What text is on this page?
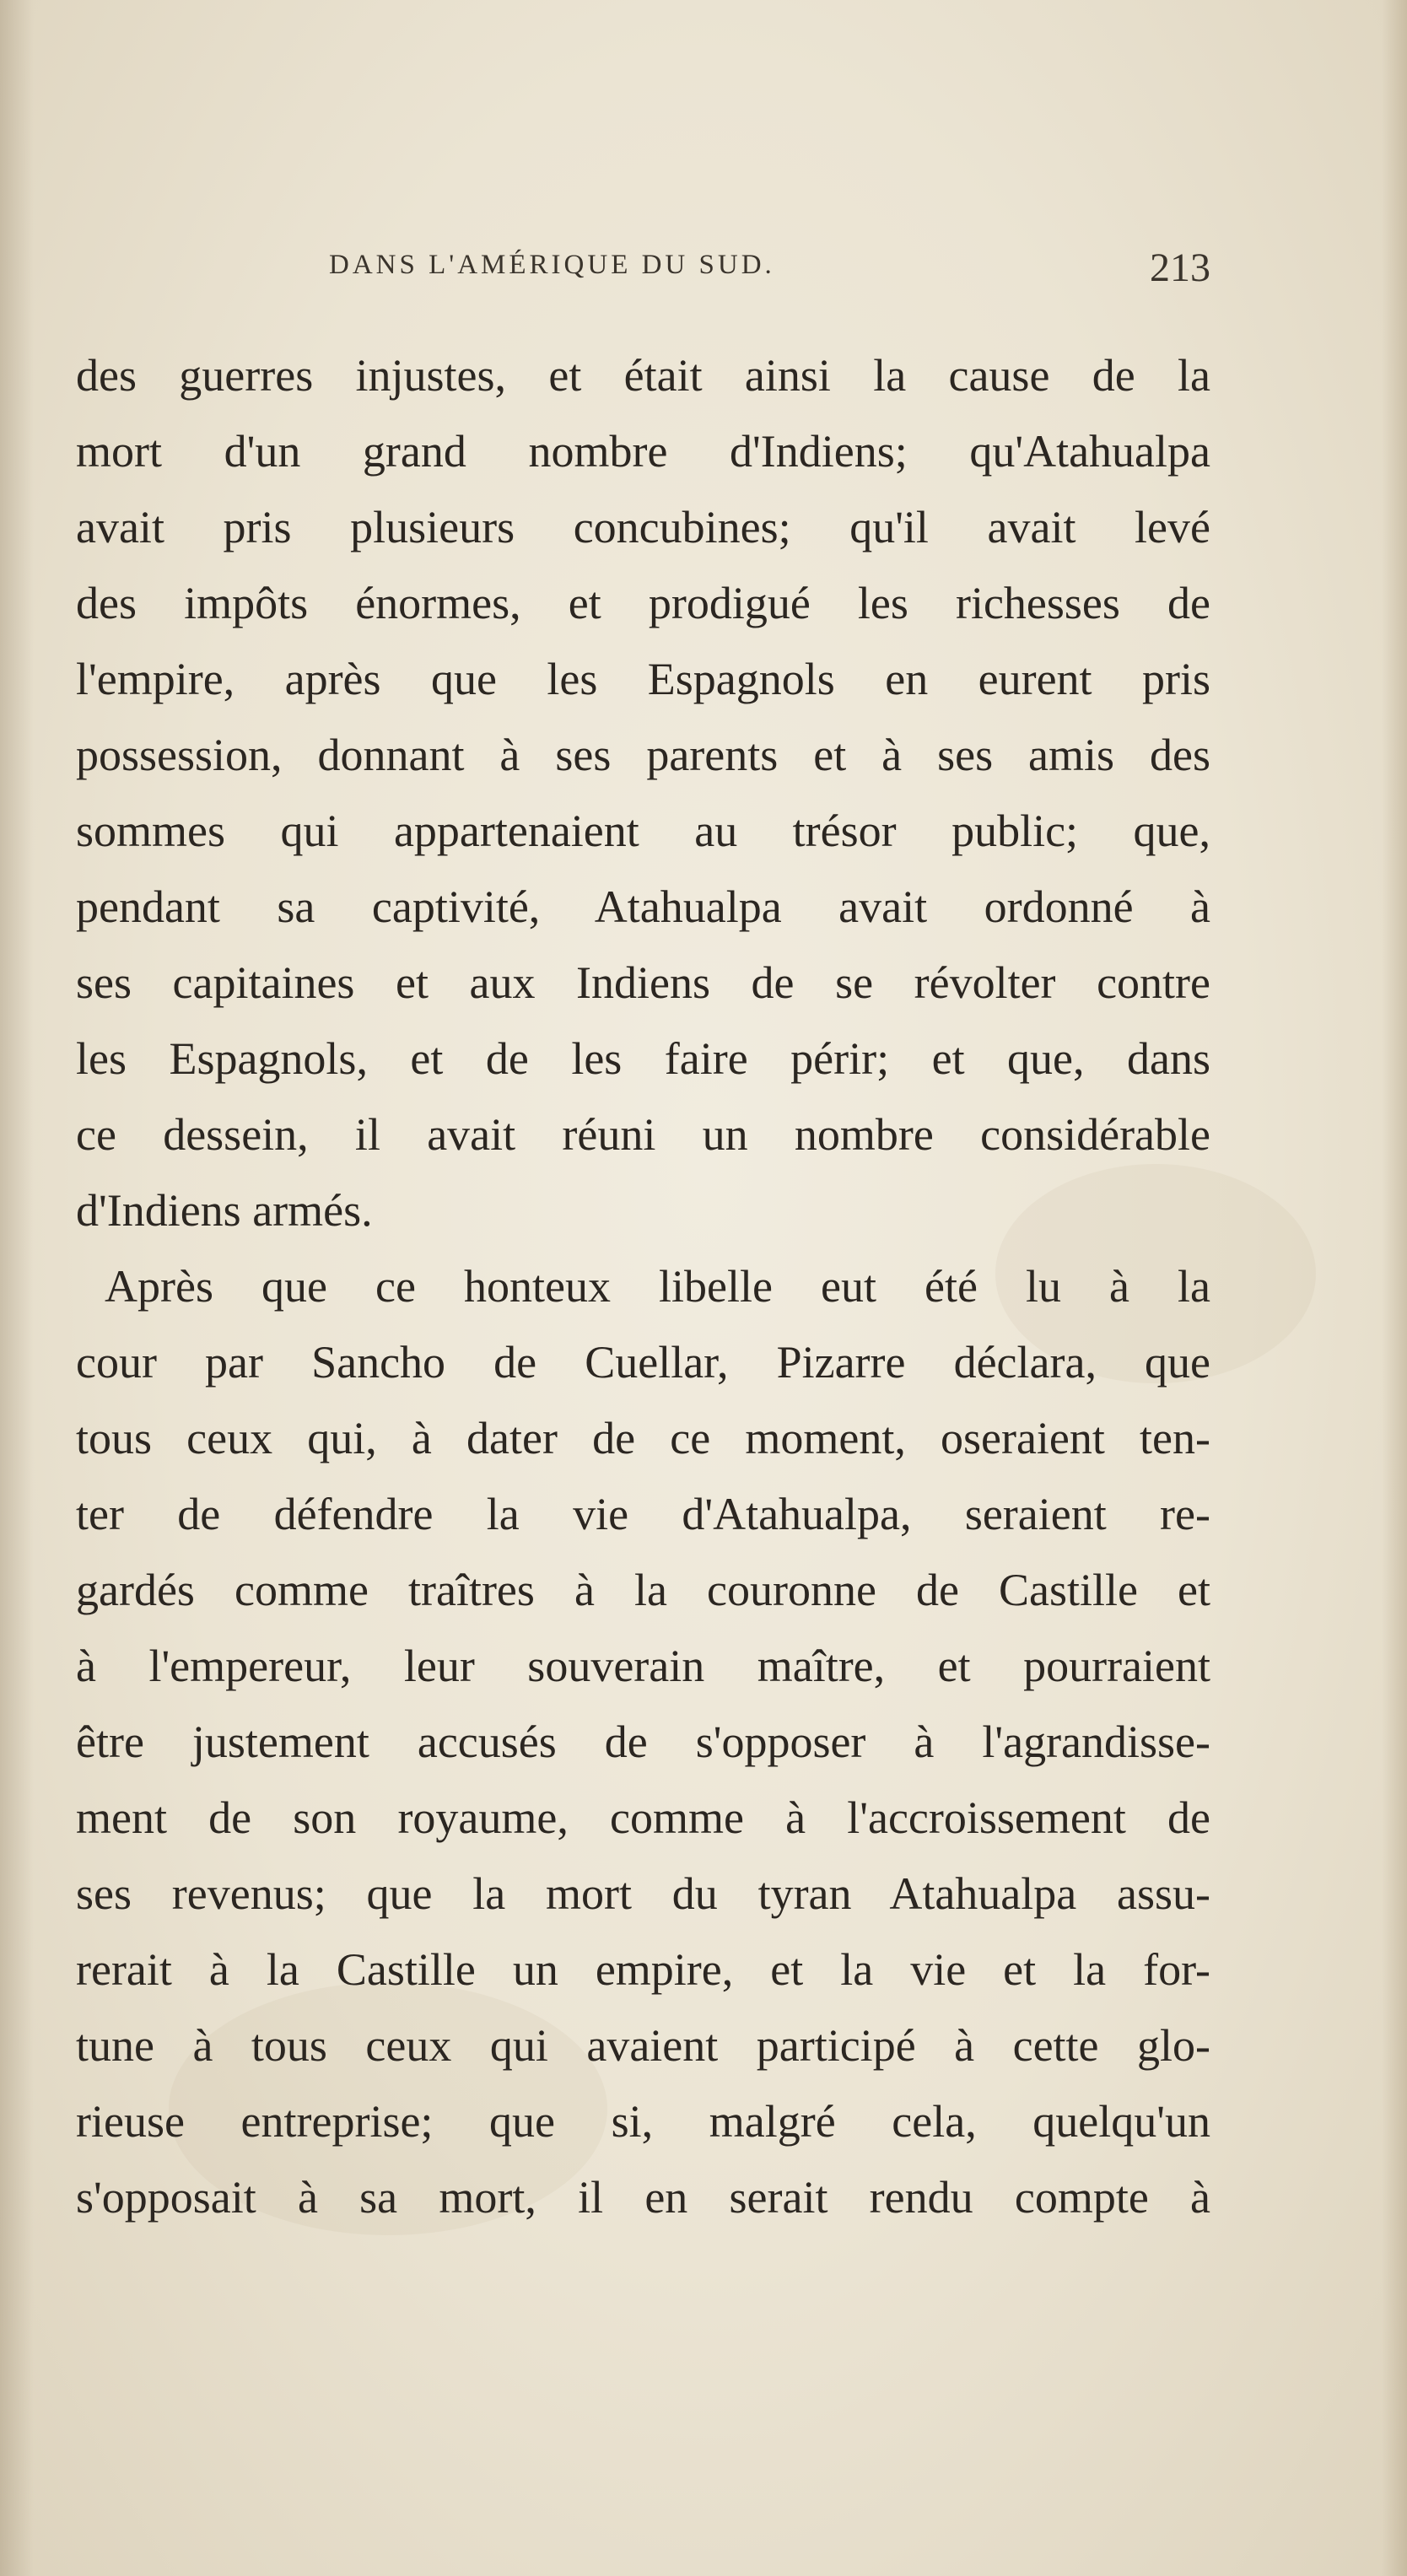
DANS L'AMÉRIQUE DU SUD.	213
des guerres injustes, et était ainsi la cause de la
mort d'un grand nombre d'Indiens; qu'Atahualpa
avait pris plusieurs concubines; qu'il avait levé
des impôts énormes, et prodigué les richesses de
l'empire, après que les Espagnols en eurent pris
possession, donnant à ses parents et à ses amis des
sommes qui appartenaient au trésor public; que,
pendant sa captivité, Atahualpa avait ordonné à
ses capitaines et aux Indiens de se révolter contre
les Espagnols, et de les faire périr; et que, dans
ce dessein, il avait réuni un nombre considérable
d'Indiens armés.
Après que ce honteux libelle eut été lu à la
cour par Sancho de Cuellar, Pizarre déclara, que
tous ceux qui, à dater de ce moment, oseraient ten-
ter de défendre la vie d'Atahualpa, seraient re-
gardés comme traîtres à la couronne de Castille et
à l'empereur, leur souverain maître, et pourraient
être justement accusés de s'opposer à l'agrandisse-
ment de son royaume, comme à l'accroissement de
ses revenus; que la mort du tyran Atahualpa assu-
rerait à la Castille un empire, et la vie et la for-
tune à tous ceux qui avaient participé à cette glo-
rieuse entreprise; que si, malgré cela, quelqu'un
s'opposait à sa mort, il en serait rendu compte à
